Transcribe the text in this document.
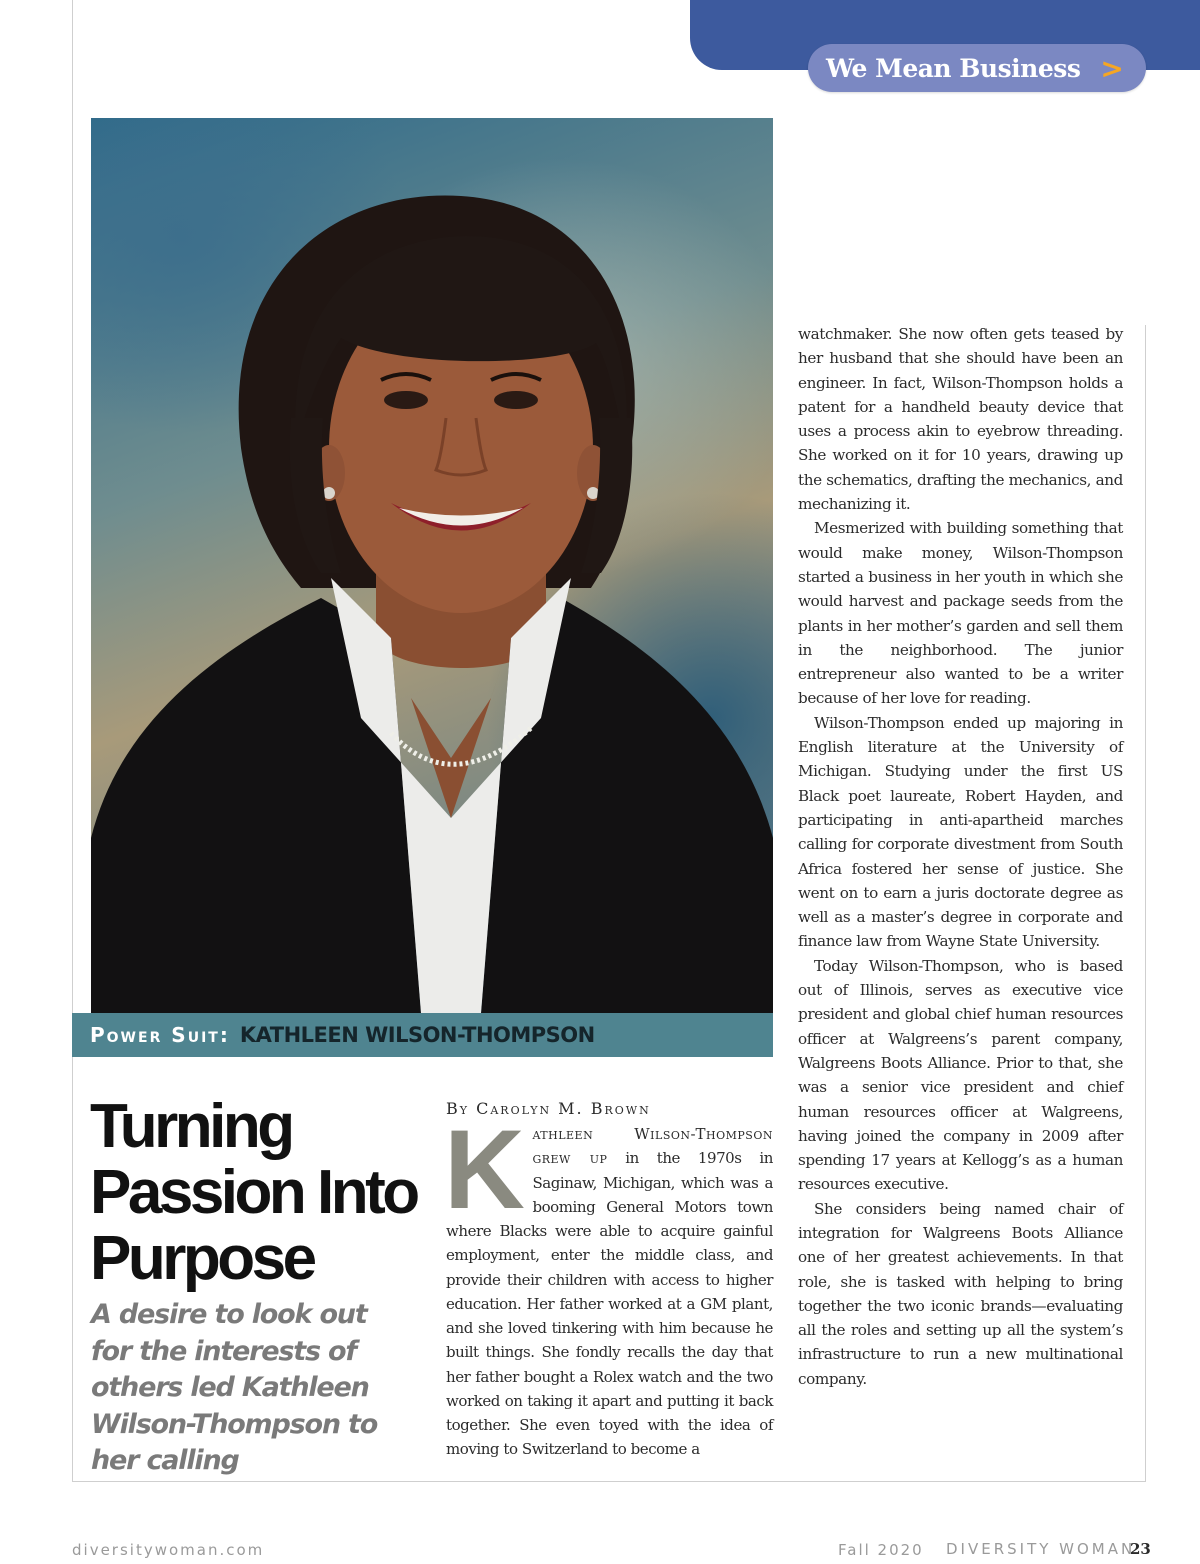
We Mean Business >
Power Suit: KATHLEEN WILSON-THOMPSON
Turning Passion Into Purpose
A desire to look out for the interests of others led Kathleen Wilson-Thompson to her calling
By Carolyn M. Brown
Kathleen Wilson-Thompson grew up in the 1970s in Saginaw, Michigan, which was a booming General Motors town where Blacks were able to acquire gainful employment, enter the middle class, and provide their children with access to higher education. Her father worked at a GM plant, and she loved tinkering with him because he built things. She fondly recalls the day that her father bought a Rolex watch and the two worked on taking it apart and putting it back together. She even toyed with the idea of moving to Switzerland to become a

watchmaker. She now often gets teased by her husband that she should have been an engineer. In fact, Wilson-Thompson holds a patent for a handheld beauty device that uses a process akin to eyebrow threading. She worked on it for 10 years, drawing up the schematics, drafting the mechanics, and mechanizing it.

Mesmerized with building something that would make money, Wilson-Thompson started a business in her youth in which she would harvest and package seeds from the plants in her mother’s garden and sell them in the neighborhood. The junior entrepreneur also wanted to be a writer because of her love for reading.

Wilson-Thompson ended up majoring in English literature at the University of Michigan. Studying under the first US Black poet laureate, Robert Hayden, and participating in anti-apartheid marches calling for corporate divestment from South Africa fostered her sense of justice. She went on to earn a juris doctorate degree as well as a master’s degree in corporate and finance law from Wayne State University.

Today Wilson-Thompson, who is based out of Illinois, serves as executive vice president and global chief human resources officer at Walgreens’s parent company, Walgreens Boots Alliance. Prior to that, she was a senior vice president and chief human resources officer at Walgreens, having joined the company in 2009 after spending 17 years at Kellogg’s as a human resources executive.

She considers being named chair of integration for Walgreens Boots Alliance one of her greatest achievements. In that role, she is tasked with helping to bring together the two iconic brands—evaluating all the roles and setting up all the system’s infrastructure to run a new multinational company.

diversitywoman.com	Fall 2020 DIVERSITY WOMAN
23
